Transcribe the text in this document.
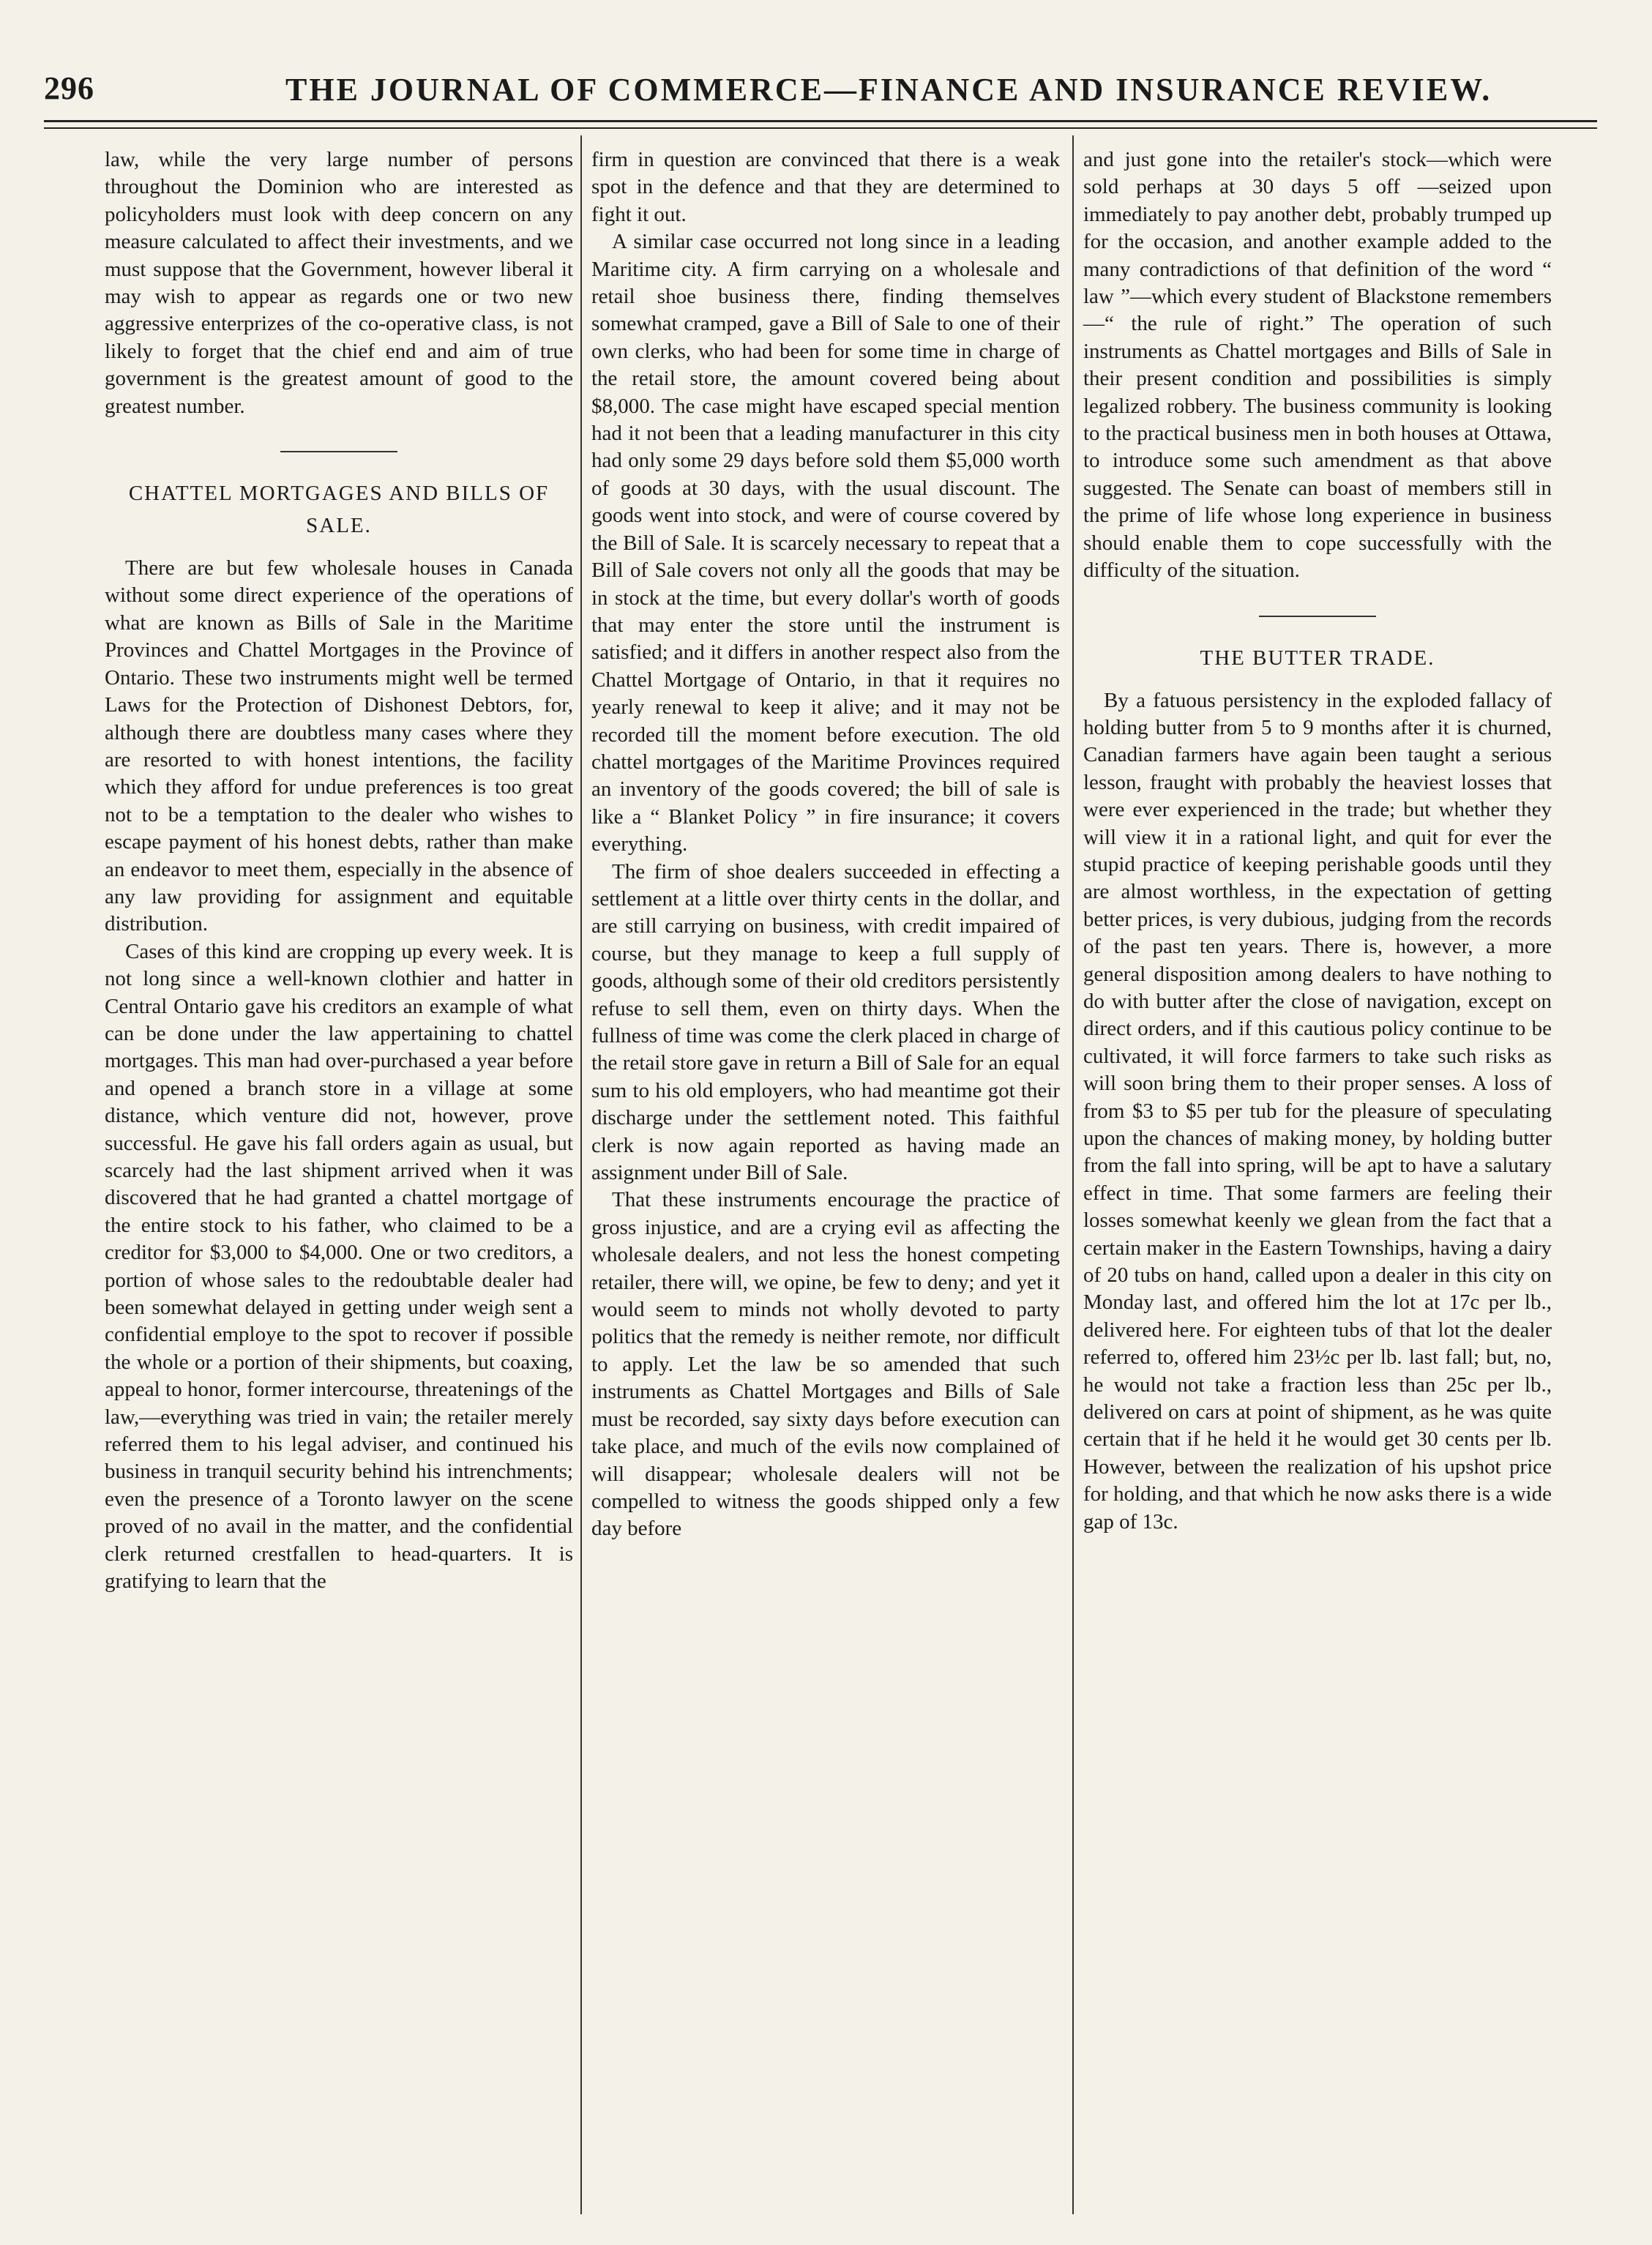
296	THE JOURNAL OF COMMERCE—FINANCE AND INSURANCE REVIEW.

law, while the very large number of persons throughout the Dominion who are interested as policyholders must look with deep concern on any measure calculated to affect their investments, and we must suppose that the Government, however liberal it may wish to appear as regards one or two new aggressive enterprizes of the co-operative class, is not likely to forget that the chief end and aim of true government is the greatest amount of good to the greatest number.

CHATTEL MORTGAGES AND BILLS OF SALE.

There are but few wholesale houses in Canada without some direct experience of the operations of what are known as Bills of Sale in the Maritime Provinces and Chattel Mortgages in the Province of Ontario. These two instruments might well be termed Laws for the Protection of Dishonest Debtors, for, although there are doubtless many cases where they are resorted to with honest intentions, the facility which they afford for undue preferences is too great not to be a temptation to the dealer who wishes to escape payment of his honest debts, rather than make an endeavor to meet them, especially in the absence of any law providing for assignment and equitable distribution.

Cases of this kind are cropping up every week. It is not long since a well-known clothier and hatter in Central Ontario gave his creditors an example of what can be done under the law appertaining to chattel mortgages. This man had over-purchased a year before and opened a branch store in a village at some distance, which venture did not, however, prove successful. He gave his fall orders again as usual, but scarcely had the last shipment arrived when it was discovered that he had granted a chattel mortgage of the entire stock to his father, who claimed to be a creditor for $3,000 to $4,000. One or two creditors, a portion of whose sales to the redoubtable dealer had been somewhat delayed in getting under weigh sent a confidential employe to the spot to recover if possible the whole or a portion of their shipments, but coaxing, appeal to honor, former intercourse, threatenings of the law,—everything was tried in vain; the retailer merely referred them to his legal adviser, and continued his business in tranquil security behind his intrenchments; even the presence of a Toronto lawyer on the scene proved of no avail in the matter, and the confidential clerk returned crestfallen to head-quarters. It is gratifying to learn that the

firm in question are convinced that there is a weak spot in the defence and that they are determined to fight it out.

A similar case occurred not long since in a leading Maritime city. A firm carrying on a wholesale and retail shoe business there, finding themselves somewhat cramped, gave a Bill of Sale to one of their own clerks, who had been for some time in charge of the retail store, the amount covered being about $8,000. The case might have escaped special mention had it not been that a leading manufacturer in this city had only some 29 days before sold them $5,000 worth of goods at 30 days, with the usual discount. The goods went into stock, and were of course covered by the Bill of Sale. It is scarcely necessary to repeat that a Bill of Sale covers not only all the goods that may be in stock at the time, but every dollar's worth of goods that may enter the store until the instrument is satisfied; and it differs in another respect also from the Chattel Mortgage of Ontario, in that it requires no yearly renewal to keep it alive; and it may not be recorded till the moment before execution. The old chattel mortgages of the Maritime Provinces required an inventory of the goods covered; the bill of sale is like a “ Blanket Policy ” in fire insurance; it covers everything.

The firm of shoe dealers succeeded in effecting a settlement at a little over thirty cents in the dollar, and are still carrying on business, with credit impaired of course, but they manage to keep a full supply of goods, although some of their old creditors persistently refuse to sell them, even on thirty days. When the fullness of time was come the clerk placed in charge of the retail store gave in return a Bill of Sale for an equal sum to his old employers, who had meantime got their discharge under the settlement noted. This faithful clerk is now again reported as having made an assignment under Bill of Sale.

That these instruments encourage the practice of gross injustice, and are a crying evil as affecting the wholesale dealers, and not less the honest competing retailer, there will, we opine, be few to deny; and yet it would seem to minds not wholly devoted to party politics that the remedy is neither remote, nor difficult to apply. Let the law be so amended that such instruments as Chattel Mortgages and Bills of Sale must be recorded, say sixty days before execution can take place, and much of the evils now complained of will disappear; wholesale dealers will not be compelled to witness the goods shipped only a few day before

and just gone into the retailer's stock—which were sold perhaps at 30 days 5 off —seized upon immediately to pay another debt, probably trumped up for the occasion, and another example added to the many contradictions of that definition of the word “ law ”—which every student of Blackstone remembers—“ the rule of right.” The operation of such instruments as Chattel mortgages and Bills of Sale in their present condition and possibilities is simply legalized robbery. The business community is looking to the practical business men in both houses at Ottawa, to introduce some such amendment as that above suggested. The Senate can boast of members still in the prime of life whose long experience in business should enable them to cope successfully with the difficulty of the situation.

THE BUTTER TRADE.

By a fatuous persistency in the exploded fallacy of holding butter from 5 to 9 months after it is churned, Canadian farmers have again been taught a serious lesson, fraught with probably the heaviest losses that were ever experienced in the trade; but whether they will view it in a rational light, and quit for ever the stupid practice of keeping perishable goods until they are almost worthless, in the expectation of getting better prices, is very dubious, judging from the records of the past ten years. There is, however, a more general disposition among dealers to have nothing to do with butter after the close of navigation, except on direct orders, and if this cautious policy continue to be cultivated, it will force farmers to take such risks as will soon bring them to their proper senses. A loss of from $3 to $5 per tub for the pleasure of speculating upon the chances of making money, by holding butter from the fall into spring, will be apt to have a salutary effect in time. That some farmers are feeling their losses somewhat keenly we glean from the fact that a certain maker in the Eastern Townships, having a dairy of 20 tubs on hand, called upon a dealer in this city on Monday last, and offered him the lot at 17c per lb., delivered here. For eighteen tubs of that lot the dealer referred to, offered him 23½c per lb. last fall; but, no, he would not take a fraction less than 25c per lb., delivered on cars at point of shipment, as he was quite certain that if he held it he would get 30 cents per lb. However, between the realization of his upshot price for holding, and that which he now asks there is a wide gap of 13c.
